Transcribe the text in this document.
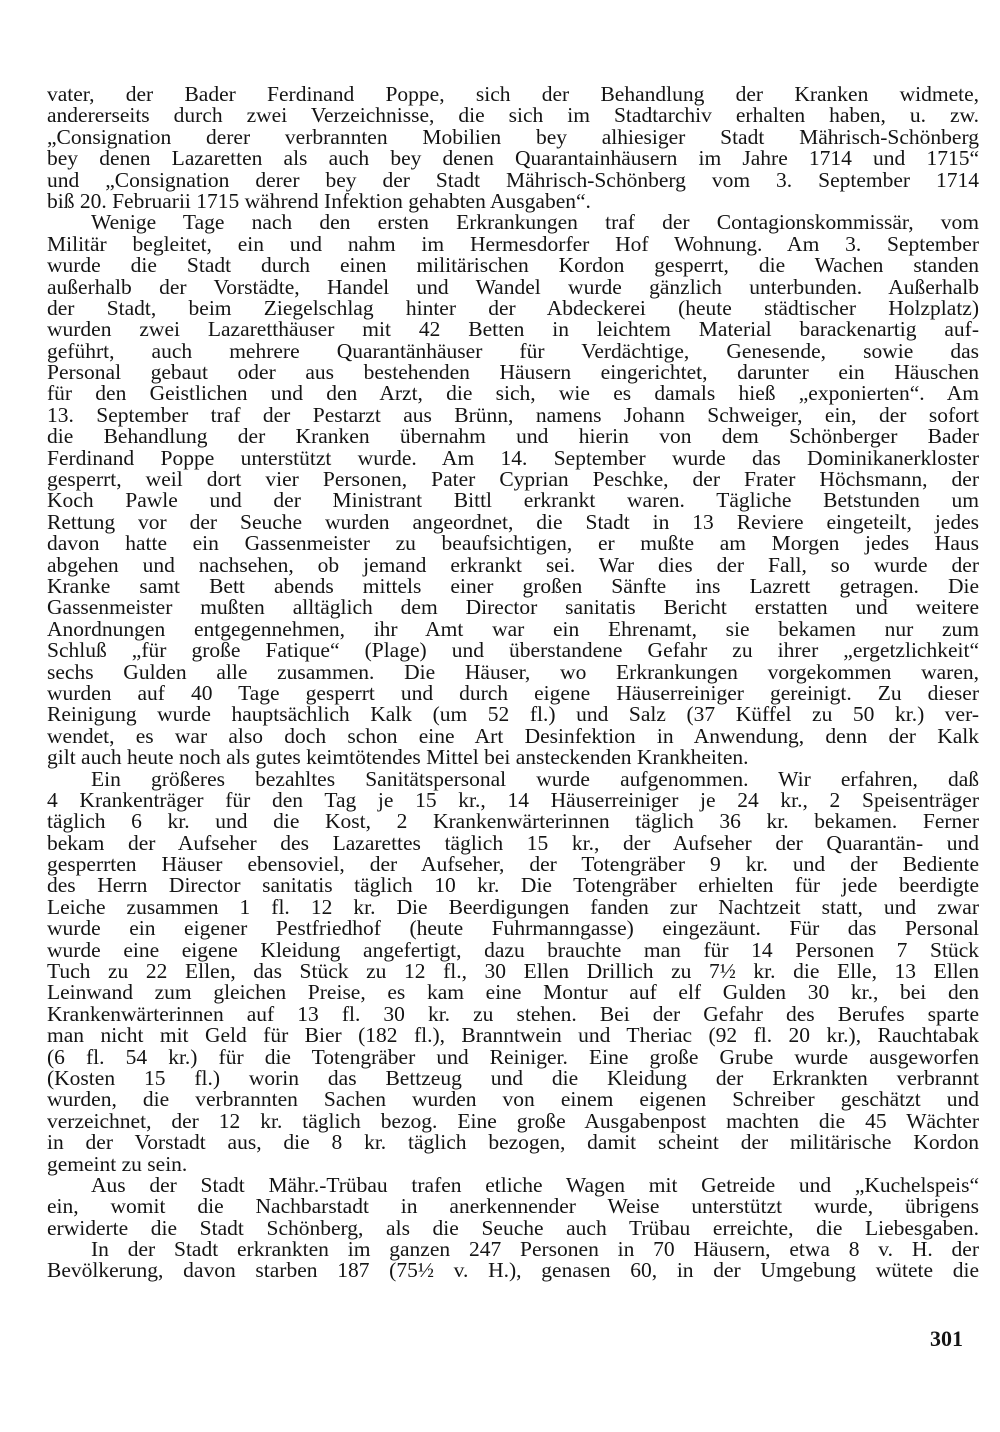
vater, der Bader Ferdinand Poppe, sich der Behandlung der Kranken widmete,
andererseits durch zwei Verzeichnisse, die sich im Stadtarchiv erhalten haben, u. zw.
„Consignation derer verbrannten Mobilien bey alhiesiger Stadt Mährisch-Schönberg
bey denen Lazaretten als auch bey denen Quarantainhäusern im Jahre 1714 und 1715“
und „Consignation derer bey der Stadt Mährisch-Schönberg vom 3. September 1714
biß 20. Februarii 1715 während Infektion gehabten Ausgaben“.
Wenige Tage nach den ersten Erkrankungen traf der Contagionskommissär, vom
Militär begleitet, ein und nahm im Hermesdorfer Hof Wohnung. Am 3. September
wurde die Stadt durch einen militärischen Kordon gesperrt, die Wachen standen
außerhalb der Vorstädte, Handel und Wandel wurde gänzlich unterbunden. Außerhalb
der Stadt, beim Ziegelschlag hinter der Abdeckerei (heute städtischer Holzplatz)
wurden zwei Lazaretthäuser mit 42 Betten in leichtem Material barackenartig auf-
geführt, auch mehrere Quarantänhäuser für Verdächtige, Genesende, sowie das
Personal gebaut oder aus bestehenden Häusern eingerichtet, darunter ein Häuschen
für den Geistlichen und den Arzt, die sich, wie es damals hieß „exponierten“. Am
13. September traf der Pestarzt aus Brünn, namens Johann Schweiger, ein, der sofort
die Behandlung der Kranken übernahm und hierin von dem Schönberger Bader
Ferdinand Poppe unterstützt wurde. Am 14. September wurde das Dominikanerkloster
gesperrt, weil dort vier Personen, Pater Cyprian Peschke, der Frater Höchsmann, der
Koch Pawle und der Ministrant Bittl erkrankt waren. Tägliche Betstunden um
Rettung vor der Seuche wurden angeordnet, die Stadt in 13 Reviere eingeteilt, jedes
davon hatte ein Gassenmeister zu beaufsichtigen, er mußte am Morgen jedes Haus
abgehen und nachsehen, ob jemand erkrankt sei. War dies der Fall, so wurde der
Kranke samt Bett abends mittels einer großen Sänfte ins Lazrett getragen. Die
Gassenmeister mußten alltäglich dem Director sanitatis Bericht erstatten und weitere
Anordnungen entgegennehmen, ihr Amt war ein Ehrenamt, sie bekamen nur zum
Schluß „für große Fatique“ (Plage) und überstandene Gefahr zu ihrer „ergetzlichkeit“
sechs Gulden alle zusammen. Die Häuser, wo Erkrankungen vorgekommen waren,
wurden auf 40 Tage gesperrt und durch eigene Häuserreiniger gereinigt. Zu dieser
Reinigung wurde hauptsächlich Kalk (um 52 fl.) und Salz (37 Küffel zu 50 kr.) ver-
wendet, es war also doch schon eine Art Desinfektion in Anwendung, denn der Kalk
gilt auch heute noch als gutes keimtötendes Mittel bei ansteckenden Krankheiten.
Ein größeres bezahltes Sanitätspersonal wurde aufgenommen. Wir erfahren, daß
4 Krankenträger für den Tag je 15 kr., 14 Häuserreiniger je 24 kr., 2 Speisenträger
täglich 6 kr. und die Kost, 2 Krankenwärterinnen täglich 36 kr. bekamen. Ferner
bekam der Aufseher des Lazarettes täglich 15 kr., der Aufseher der Quarantän- und
gesperrten Häuser ebensoviel, der Aufseher, der Totengräber 9 kr. und der Bediente
des Herrn Director sanitatis täglich 10 kr. Die Totengräber erhielten für jede beerdigte
Leiche zusammen 1 fl. 12 kr. Die Beerdigungen fanden zur Nachtzeit statt, und zwar
wurde ein eigener Pestfriedhof (heute Fuhrmanngasse) eingezäunt. Für das Personal
wurde eine eigene Kleidung angefertigt, dazu brauchte man für 14 Personen 7 Stück
Tuch zu 22 Ellen, das Stück zu 12 fl., 30 Ellen Drillich zu 7½ kr. die Elle, 13 Ellen
Leinwand zum gleichen Preise, es kam eine Montur auf elf Gulden 30 kr., bei den
Krankenwärterinnen auf 13 fl. 30 kr. zu stehen. Bei der Gefahr des Berufes sparte
man nicht mit Geld für Bier (182 fl.), Branntwein und Theriac (92 fl. 20 kr.), Rauchtabak
(6 fl. 54 kr.) für die Totengräber und Reiniger. Eine große Grube wurde ausgeworfen
(Kosten 15 fl.) worin das Bettzeug und die Kleidung der Erkrankten verbrannt
wurden, die verbrannten Sachen wurden von einem eigenen Schreiber geschätzt und
verzeichnet, der 12 kr. täglich bezog. Eine große Ausgabenpost machten die 45 Wächter
in der Vorstadt aus, die 8 kr. täglich bezogen, damit scheint der militärische Kordon
gemeint zu sein.
Aus der Stadt Mähr.-Trübau trafen etliche Wagen mit Getreide und „Kuchelspeis“
ein, womit die Nachbarstadt in anerkennender Weise unterstützt wurde, übrigens
erwiderte die Stadt Schönberg, als die Seuche auch Trübau erreichte, die Liebesgaben.
In der Stadt erkrankten im ganzen 247 Personen in 70 Häusern, etwa 8 v. H. der
Bevölkerung, davon starben 187 (75½ v. H.), genasen 60, in der Umgebung wütete die
301
